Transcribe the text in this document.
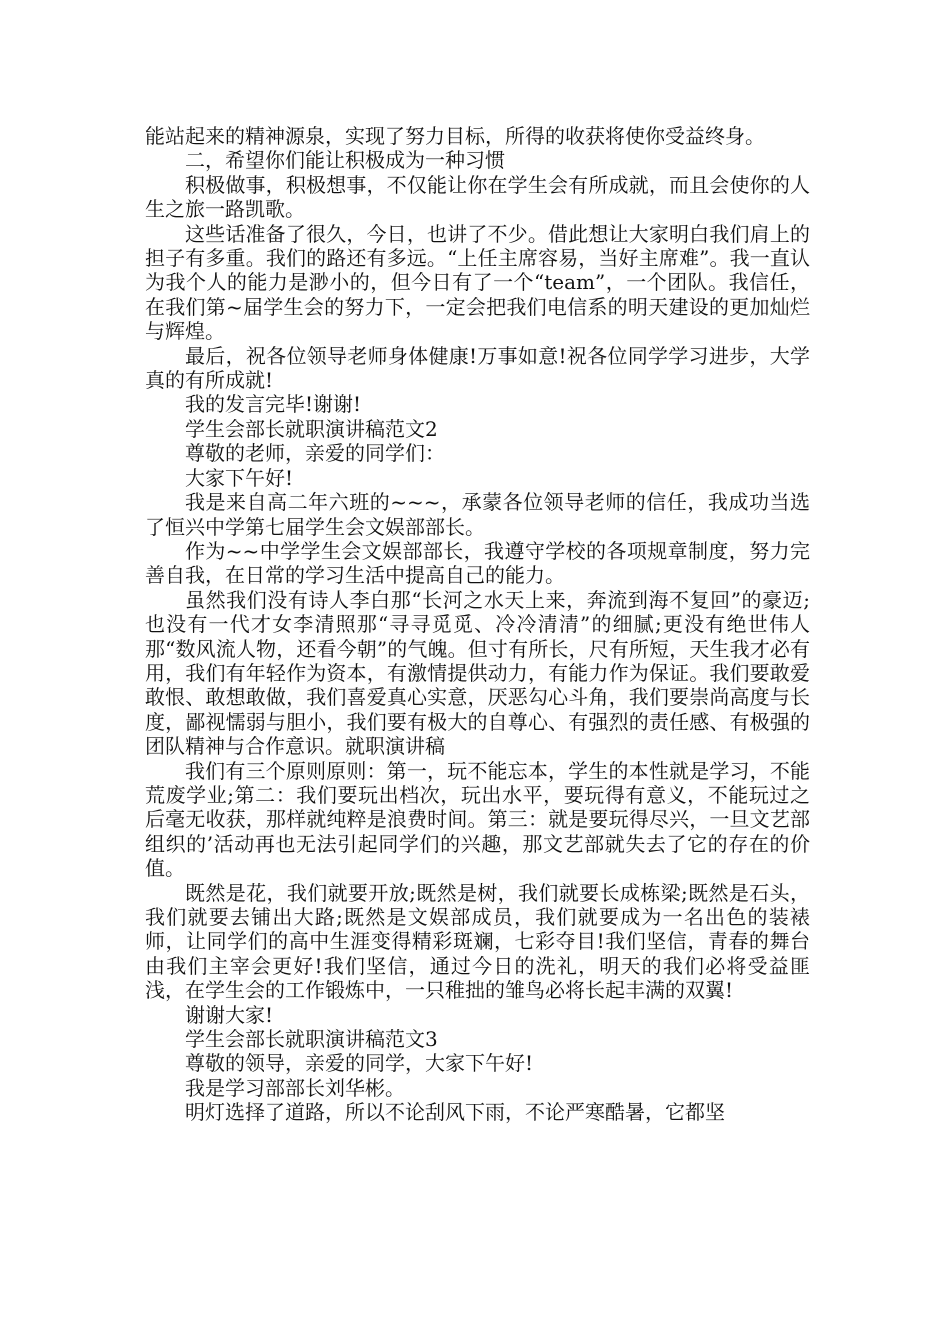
能站起来的精神源泉，实现了努力目标，所得的收获将使你受益终身。

二，希望你们能让积极成为一种习惯

积极做事，积极想事，不仅能让你在学生会有所成就，而且会使你的人生之旅一路凯歌。

这些话准备了很久，今日，也讲了不少。借此想让大家明白我们肩上的担子有多重。我们的路还有多远。“上任主席容易，当好主席难”。我一直认为我个人的能力是渺小的，但今日有了一个“team”，一个团队。我信任，在我们第~届学生会的努力下，一定会把我们电信系的明天建设的更加灿烂与辉煌。

最后，祝各位领导老师身体健康!万事如意!祝各位同学学习进步，大学真的有所成就!

我的发言完毕!谢谢!

学生会部长就职演讲稿范文2

尊敬的老师，亲爱的同学们：

大家下午好!

我是来自高二年六班的~~~，承蒙各位领导老师的信任，我成功当选了恒兴中学第七届学生会文娱部部长。

作为~~中学学生会文娱部部长，我遵守学校的各项规章制度，努力完善自我，在日常的学习生活中提高自己的能力。

虽然我们没有诗人李白那“长河之水天上来，奔流到海不复回”的豪迈;也没有一代才女李清照那“寻寻觅觅、冷冷清清”的细腻;更没有绝世伟人那“数风流人物，还看今朝”的气魄。但寸有所长，尺有所短，天生我才必有用，我们有年轻作为资本，有激情提供动力，有能力作为保证。我们要敢爱敢恨、敢想敢做，我们喜爱真心实意，厌恶勾心斗角，我们要崇尚高度与长度，鄙视懦弱与胆小，我们要有极大的自尊心、有强烈的责任感、有极强的团队精神与合作意识。就职演讲稿

我们有三个原则原则：第一，玩不能忘本，学生的本性就是学习，不能荒废学业;第二：我们要玩出档次，玩出水平，要玩得有意义，不能玩过之后毫无收获，那样就纯粹是浪费时间。第三：就是要玩得尽兴，一旦文艺部组织的’活动再也无法引起同学们的兴趣，那文艺部就失去了它的存在的价值。

既然是花，我们就要开放;既然是树，我们就要长成栋梁;既然是石头，我们就要去铺出大路;既然是文娱部成员，我们就要成为一名出色的装裱师，让同学们的高中生涯变得精彩斑斓，七彩夺目!我们坚信，青春的舞台由我们主宰会更好!我们坚信，通过今日的洗礼，明天的我们必将受益匪浅，在学生会的工作锻炼中，一只稚拙的雏鸟必将长起丰满的双翼!

谢谢大家!

学生会部长就职演讲稿范文3

尊敬的领导，亲爱的同学，大家下午好!

我是学习部部长刘华彬。

明灯选择了道路，所以不论刮风下雨，不论严寒酷暑，它都坚
